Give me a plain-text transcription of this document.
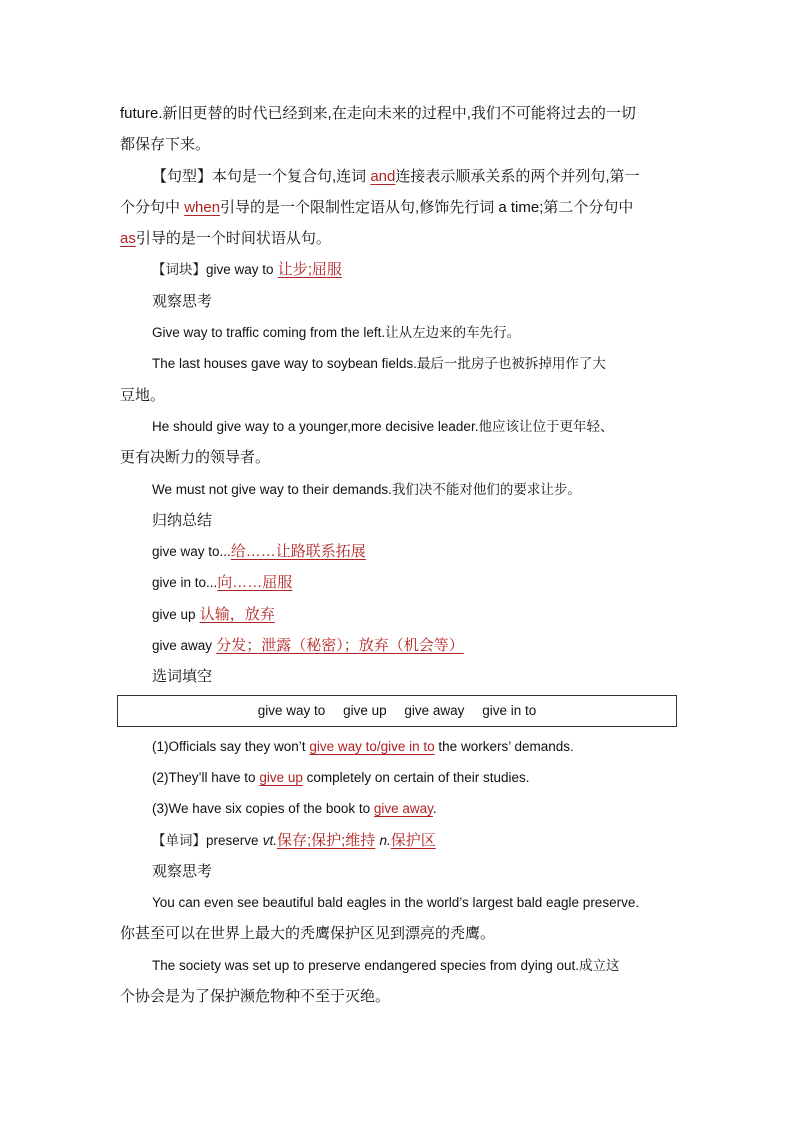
future.新旧更替的时代已经到来,在走向未来的过程中,我们不可能将过去的一切
都保存下来。
【句型】本句是一个复合句,连词 and连接表示顺承关系的两个并列句,第一
个分句中 when引导的是一个限制性定语从句,修饰先行词 a time;第二个分句中
as引导的是一个时间状语从句。
【词块】give way to 让步;屈服
观察思考
Give way to traffic coming from the left.让从左边来的车先行。
The last houses gave way to soybean fields.最后一批房子也被拆掉用作了大
豆地。
He should give way to a younger,more decisive leader.他应该让位于更年轻、
更有决断力的领导者。
We must not give way to their demands.我们决不能对他们的要求让步。
归纳总结
give way to...给……让路联系拓展
give in to...向……屈服
give up 认输，放弃
give away 分发；泄露（秘密）；放弃（机会等）
选词填空
give way to give up give away give in to
(1)Officials say they won’t give way to/give in to the workers’ demands.
(2)They’ll have to give up completely on certain of their studies.
(3)We have six copies of the book to give away.
【单词】preserve vt.保存;保护;维持 n.保护区
观察思考
You can even see beautiful bald eagles in the world’s largest bald eagle preserve.
你甚至可以在世界上最大的秃鹰保护区见到漂亮的秃鹰。
The society was set up to preserve endangered species from dying out.成立这
个协会是为了保护濒危物种不至于灭绝。
